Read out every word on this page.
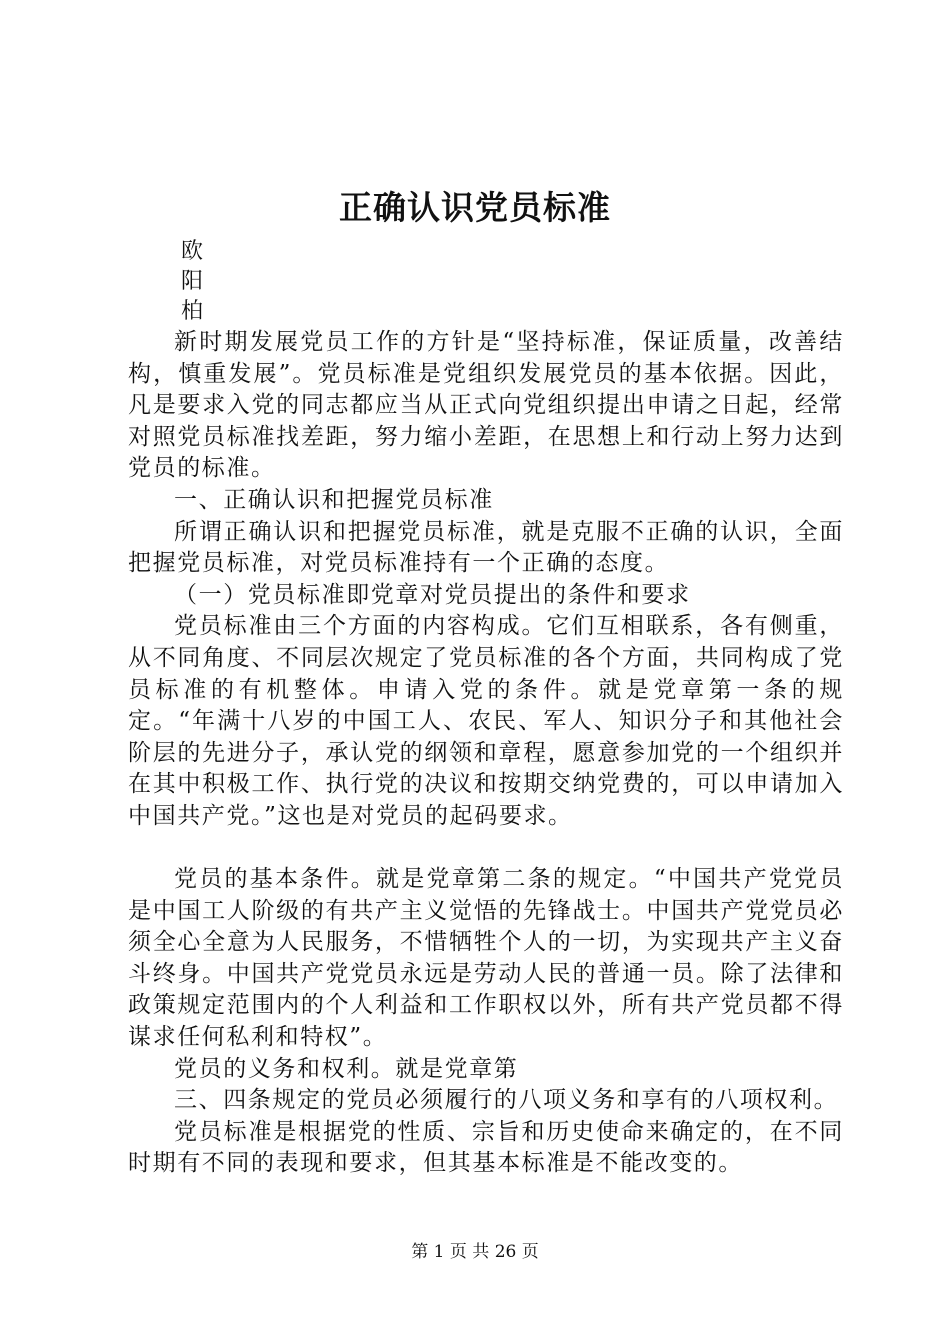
正确认识党员标准
欧
阳
柏

新时期发展党员工作的方针是“坚持标准，保证质量，改善结构，慎重发展”。党员标准是党组织发展党员的基本依据。因此，凡是要求入党的同志都应当从正式向党组织提出申请之日起，经常对照党员标准找差距，努力缩小差距，在思想上和行动上努力达到党员的标准。

一、正确认识和把握党员标准

所谓正确认识和把握党员标准，就是克服不正确的认识，全面把握党员标准，对党员标准持有一个正确的态度。

（一）党员标准即党章对党员提出的条件和要求

党员标准由三个方面的内容构成。它们互相联系，各有侧重，从不同角度、不同层次规定了党员标准的各个方面，共同构成了党员标准的有机整体。申请入党的条件。就是党章第一条的规定。“年满十八岁的中国工人、农民、军人、知识分子和其他社会阶层的先进分子，承认党的纲领和章程，愿意参加党的一个组织并在其中积极工作、执行党的决议和按期交纳党费的，可以申请加入中国共产党。”这也是对党员的起码要求。

党员的基本条件。就是党章第二条的规定。“中国共产党党员是中国工人阶级的有共产主义觉悟的先锋战士。中国共产党党员必须全心全意为人民服务，不惜牺牲个人的一切，为实现共产主义奋斗终身。中国共产党党员永远是劳动人民的普通一员。除了法律和政策规定范围内的个人利益和工作职权以外，所有共产党员都不得谋求任何私利和特权”。

党员的义务和权利。就是党章第

三、四条规定的党员必须履行的八项义务和享有的八项权利。

党员标准是根据党的性质、宗旨和历史使命来确定的，在不同时期有不同的表现和要求，但其基本标准是不能改变的。

第 1 页 共 26 页
